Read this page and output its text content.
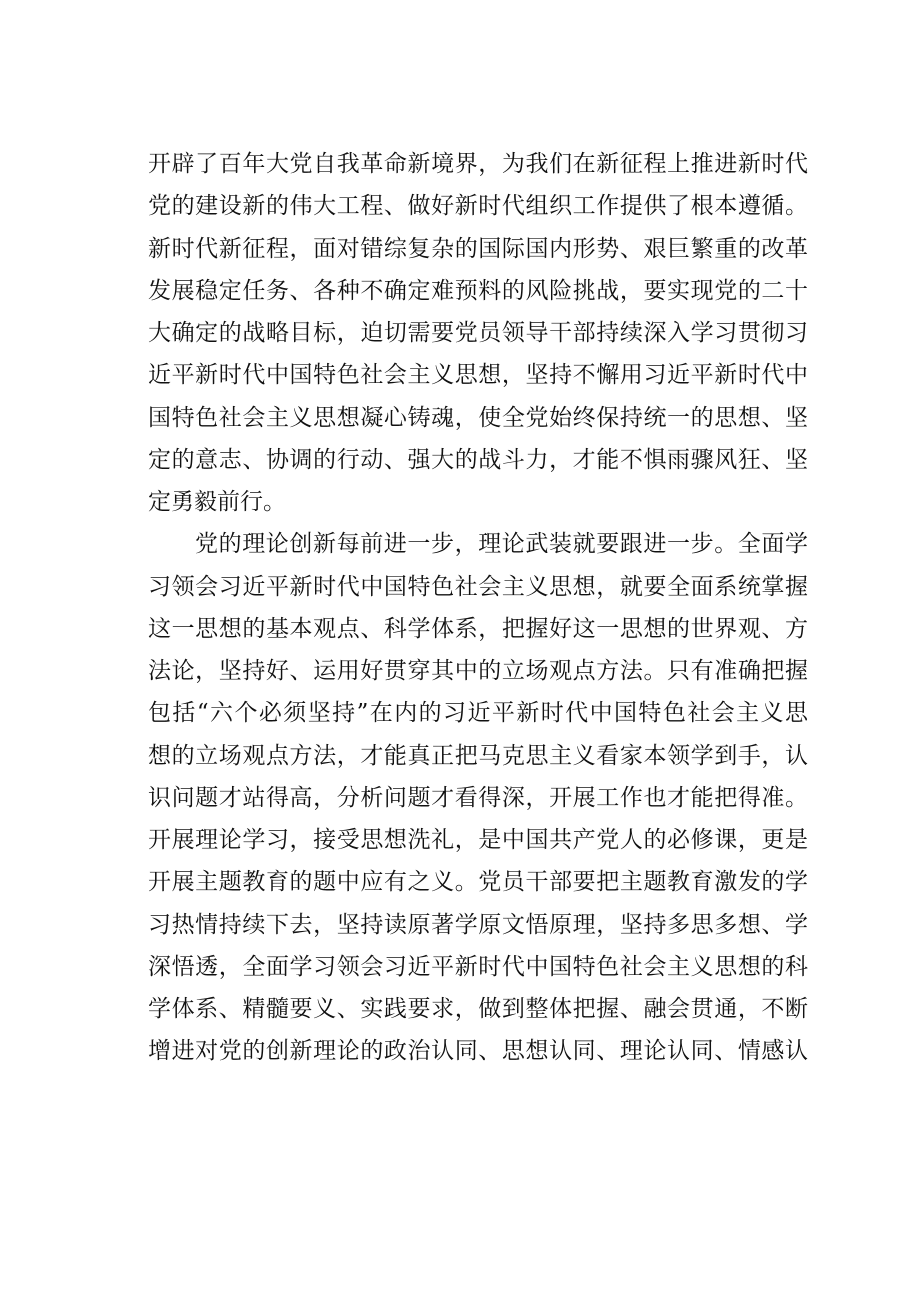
开辟了百年大党自我革命新境界，为我们在新征程上推进新时代
党的建设新的伟大工程、做好新时代组织工作提供了根本遵循。
新时代新征程，面对错综复杂的国际国内形势、艰巨繁重的改革
发展稳定任务、各种不确定难预料的风险挑战，要实现党的二十
大确定的战略目标，迫切需要党员领导干部持续深入学习贯彻习
近平新时代中国特色社会主义思想，坚持不懈用习近平新时代中
国特色社会主义思想凝心铸魂，使全党始终保持统一的思想、坚
定的意志、协调的行动、强大的战斗力，才能不惧雨骤风狂、坚
定勇毅前行。
党的理论创新每前进一步，理论武装就要跟进一步。全面学
习领会习近平新时代中国特色社会主义思想，就要全面系统掌握
这一思想的基本观点、科学体系，把握好这一思想的世界观、方
法论，坚持好、运用好贯穿其中的立场观点方法。只有准确把握
包括“六个必须坚持”在内的习近平新时代中国特色社会主义思
想的立场观点方法，才能真正把马克思主义看家本领学到手，认
识问题才站得高，分析问题才看得深，开展工作也才能把得准。
开展理论学习，接受思想洗礼，是中国共产党人的必修课，更是
开展主题教育的题中应有之义。党员干部要把主题教育激发的学
习热情持续下去，坚持读原著学原文悟原理，坚持多思多想、学
深悟透，全面学习领会习近平新时代中国特色社会主义思想的科
学体系、精髓要义、实践要求，做到整体把握、融会贯通，不断
增进对党的创新理论的政治认同、思想认同、理论认同、情感认
